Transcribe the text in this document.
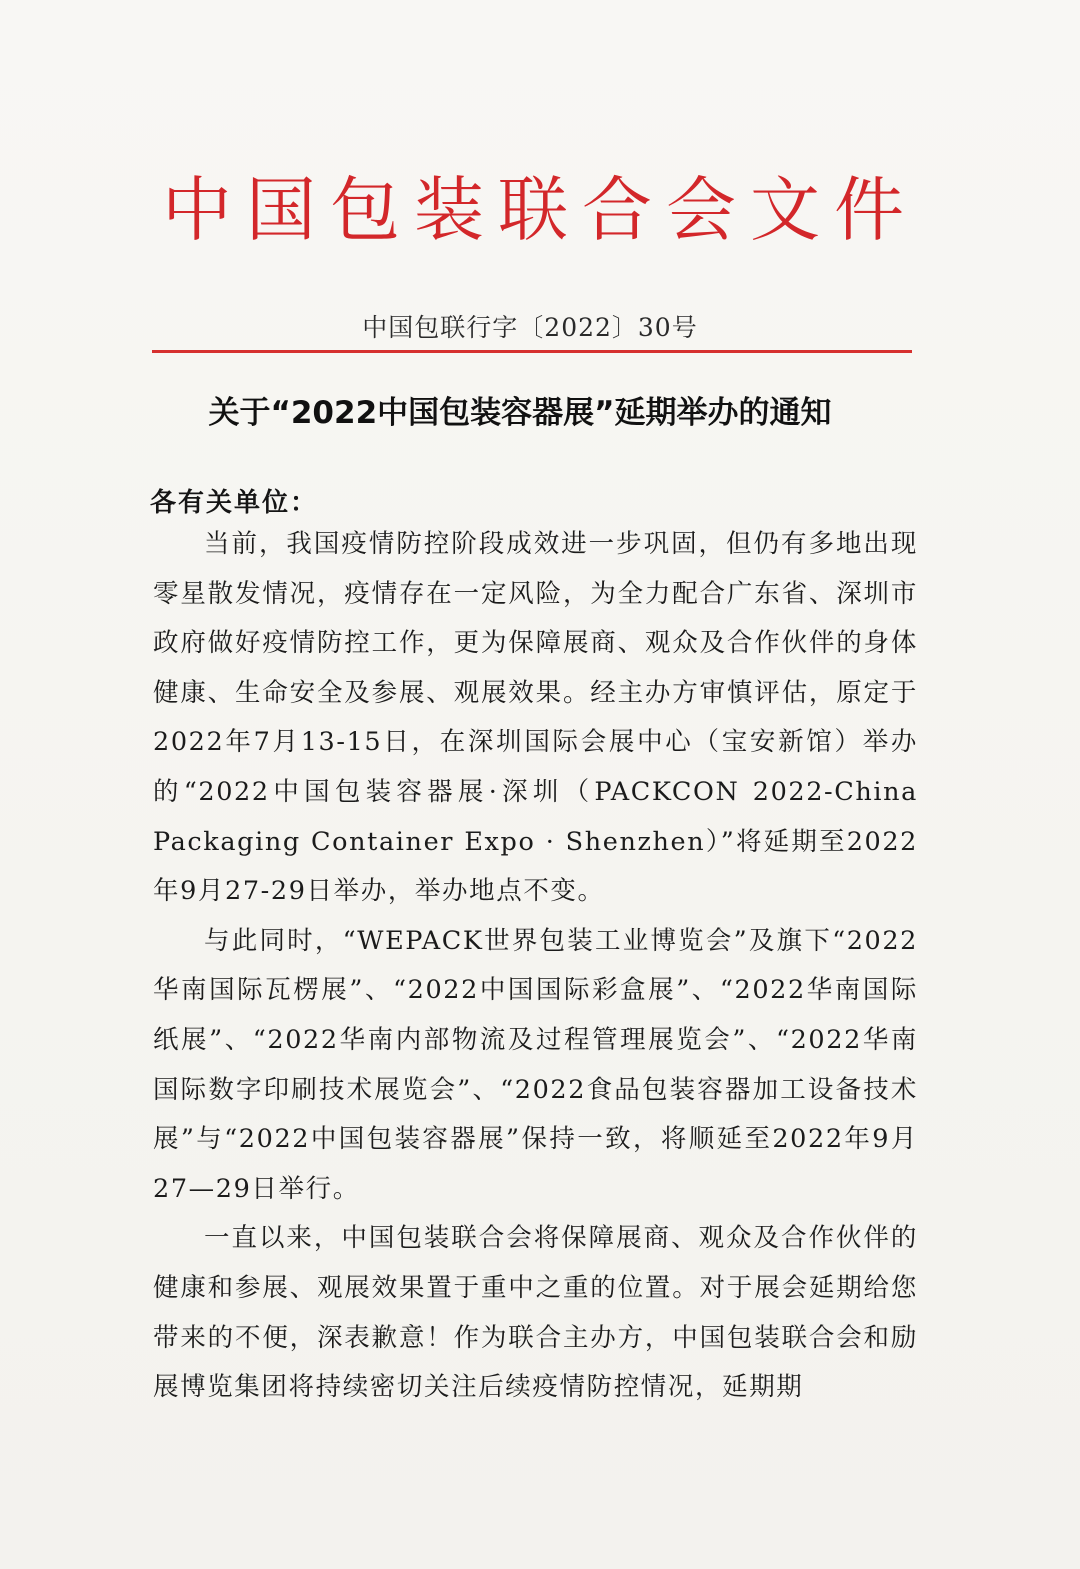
中国包装联合会文件
中国包联行字〔2022〕30号
关于“2022中国包装容器展”延期举办的通知
各有关单位：

当前，我国疫情防控阶段成效进一步巩固，但仍有多地出现零星散发情况，疫情存在一定风险，为全力配合广东省、深圳市政府做好疫情防控工作，更为保障展商、观众及合作伙伴的身体健康、生命安全及参展、观展效果。经主办方审慎评估，原定于2022年7月13-15日，在深圳国际会展中心（宝安新馆）举办的“2022中国包装容器展·深圳（PACKCON 2022-China Packaging Container Expo · Shenzhen）”将延期至2022年9月27-29日举办，举办地点不变。

与此同时，“WEPACK世界包装工业博览会”及旗下“2022华南国际瓦楞展”、“2022中国国际彩盒展”、“2022华南国际纸展”、“2022华南内部物流及过程管理展览会”、“2022华南国际数字印刷技术展览会”、“2022食品包装容器加工设备技术展”与“2022中国包装容器展”保持一致，将顺延至2022年9月27—29日举行。

一直以来，中国包装联合会将保障展商、观众及合作伙伴的健康和参展、观展效果置于重中之重的位置。对于展会延期给您带来的不便，深表歉意！作为联合主办方，中国包装联合会和励展博览集团将持续密切关注后续疫情防控情况，延期期
